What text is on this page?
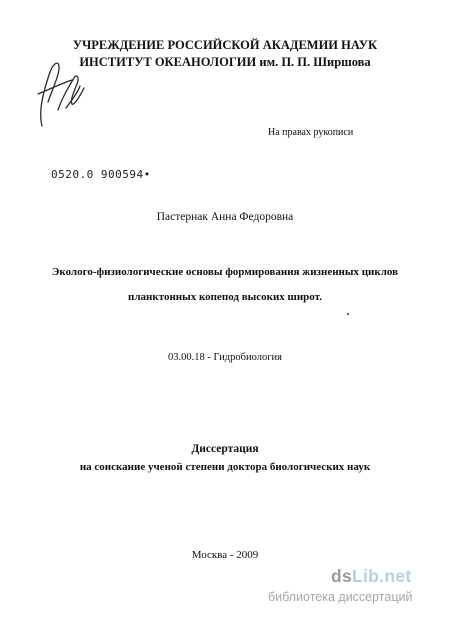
УЧРЕЖДЕНИЕ РОССИЙСКОЙ АКАДЕМИИ НАУК
ИНСТИТУТ ОКЕАНОЛОГИИ им. П. П. Ширшова
На правах рукописи
0520.0 900594•
Пастернак Анна Федоровна
Эколого-физиологические основы формирования жизненных циклов
планктонных копепод высоких широт.
03.00.18 - Гидробиология
Диссертация
на соискание ученой степени доктора биологических наук
Москва - 2009
dsLib.net
библиотека диссертаций
